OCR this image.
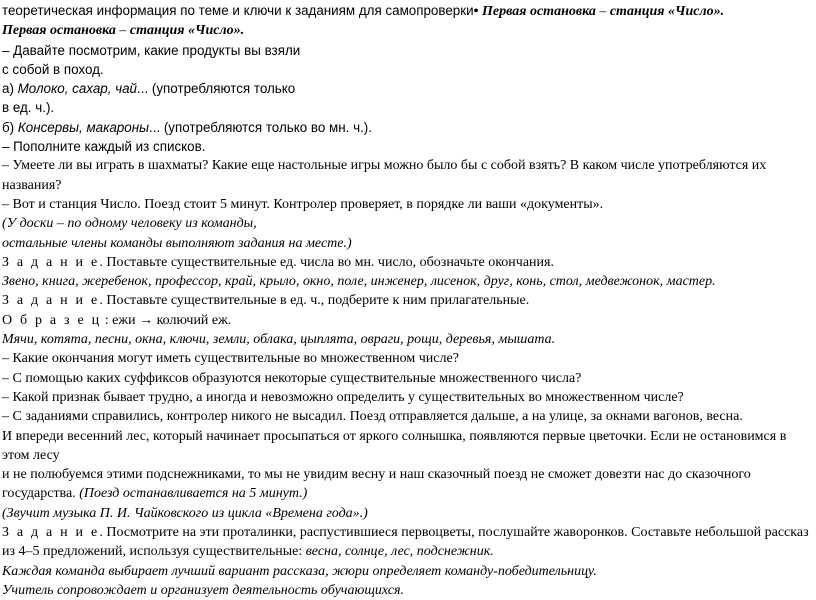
теоретическая информация по теме и ключи к заданиям для самопроверки• Первая остановка – станция «Число».
Первая остановка – станция «Число».
– Давайте посмотрим, какие продукты вы взяли
с собой в поход.
а) Молоко, сахар, чай... (употребляются только
в ед. ч.).
б) Консервы, макароны... (употребляются только во мн. ч.).
– Пополните каждый из списков.
– Умеете ли вы играть в шахматы? Какие еще настольные игры можно было бы с собой взять? В каком числе употребляются их
названия?
– Вот и станция Число. Поезд стоит 5 минут. Контролер проверяет, в порядке ли ваши «документы».
(У доски – по одному человеку из команды,
остальные члены команды выполняют задания на месте.)
З а д а н и е. Поставьте существительные ед. числа во мн. число, обозначьте окончания.
Звено, книга, жеребенок, профессор, край, крыло, окно, поле, инженер, лисенок, друг, конь, стол, медвежонок, мастер.
З а д а н и е. Поставьте существительные в ед. ч., подберите к ним прилагательные.
О б р а з е ц : ежи → колючий еж.
Мячи, котята, песни, окна, ключи, земли, облака, цыплята, овраги, рощи, деревья, мышата.
– Какие окончания могут иметь существительные во множественном числе?
– С помощью каких суффиксов образуются некоторые существительные множественного числа?
– Какой признак бывает трудно, а иногда и невозможно определить у существительных во множественном числе?
– С заданиями справились, контролер никого не высадил. Поезд отправляется дальше, а на улице, за окнами вагонов, весна.
И впереди весенний лес, который начинает просыпаться от яркого солнышка, появляются первые цветочки. Если не остановимся в
этом лесу
и не полюбуемся этими подснежниками, то мы не увидим весну и наш сказочный поезд не сможет довезти нас до сказочного
государства. (Поезд останавливается на 5 минут.)
(Звучит музыка П. И. Чайковского из цикла «Времена года».)
З а д а н и е. Посмотрите на эти проталинки, распустившиеся первоцветы, послушайте жаворонков. Составьте небольшой рассказ
из 4–5 предложений, используя существительные: весна, солнце, лес, подснежник.
Каждая команда выбирает лучший вариант рассказа, жюри определяет команду-победительницу.
Учитель сопровождает и организует деятельность обучающихся.
